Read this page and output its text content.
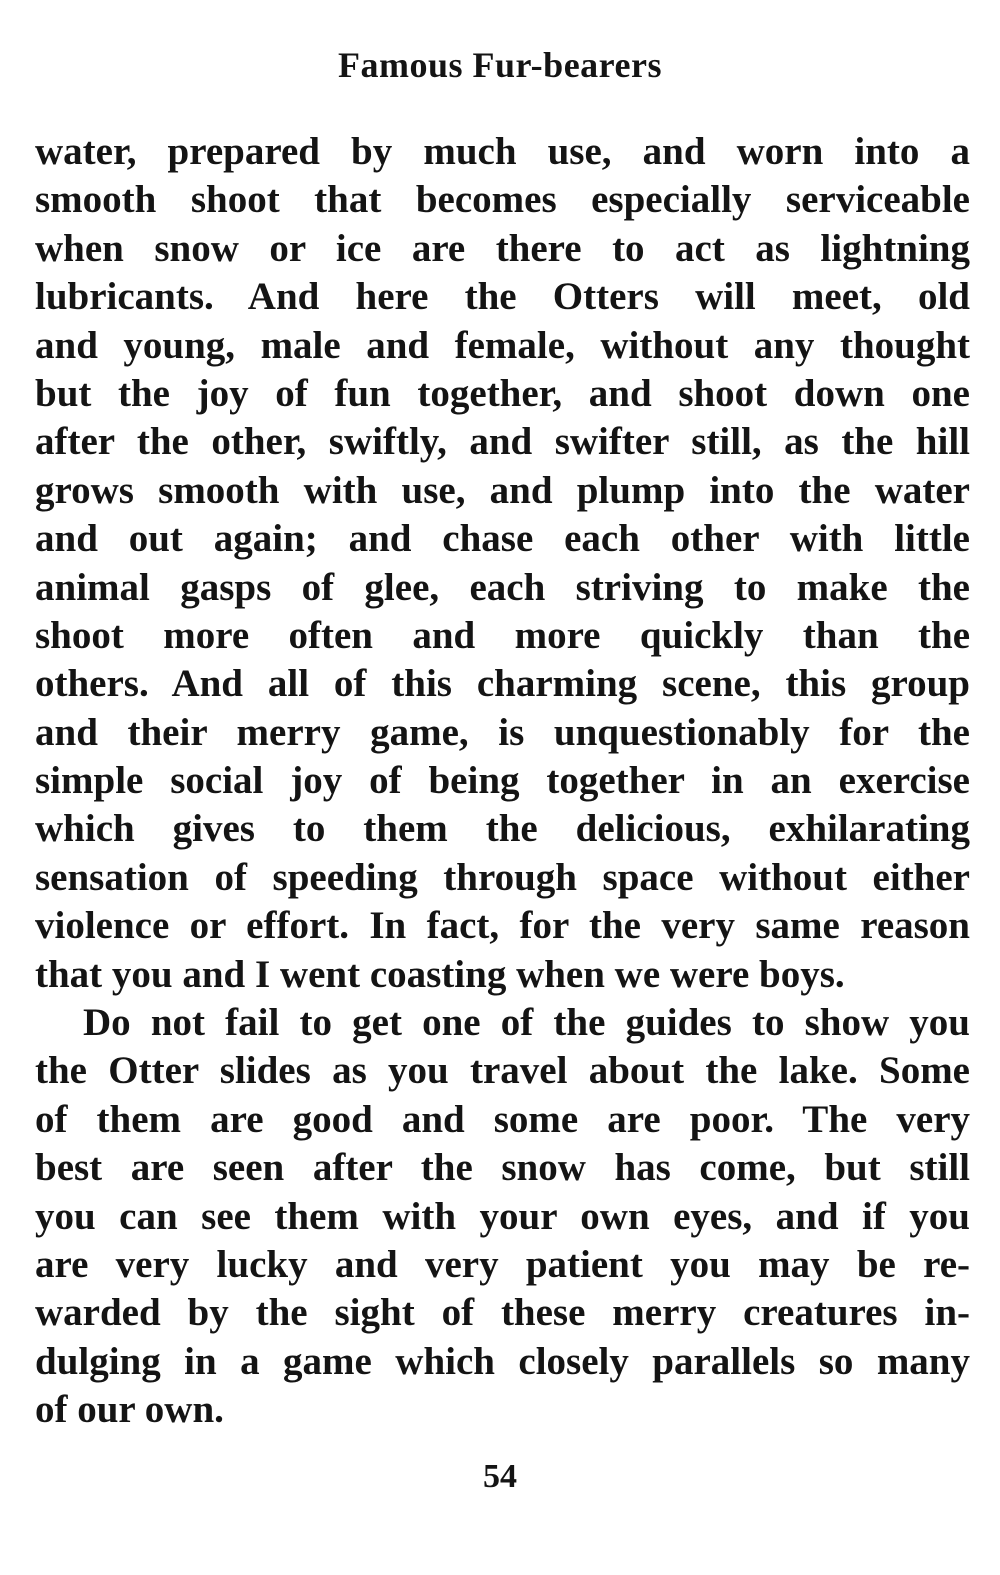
Famous Fur-bearers
water, prepared by much use, and worn into a
smooth shoot that becomes especially serviceable
when snow or ice are there to act as lightning
lubricants. And here the Otters will meet, old
and young, male and female, without any thought
but the joy of fun together, and shoot down one
after the other, swiftly, and swifter still, as the hill
grows smooth with use, and plump into the water
and out again; and chase each other with little
animal gasps of glee, each striving to make the
shoot more often and more quickly than the
others. And all of this charming scene, this group
and their merry game, is unquestionably for the
simple social joy of being together in an exercise
which gives to them the delicious, exhilarating
sensation of speeding through space without either
violence or effort. In fact, for the very same reason
that you and I went coasting when we were boys.
Do not fail to get one of the guides to show you
the Otter slides as you travel about the lake. Some
of them are good and some are poor. The very
best are seen after the snow has come, but still
you can see them with your own eyes, and if you
are very lucky and very patient you may be re-
warded by the sight of these merry creatures in-
dulging in a game which closely parallels so many
of our own.
54
